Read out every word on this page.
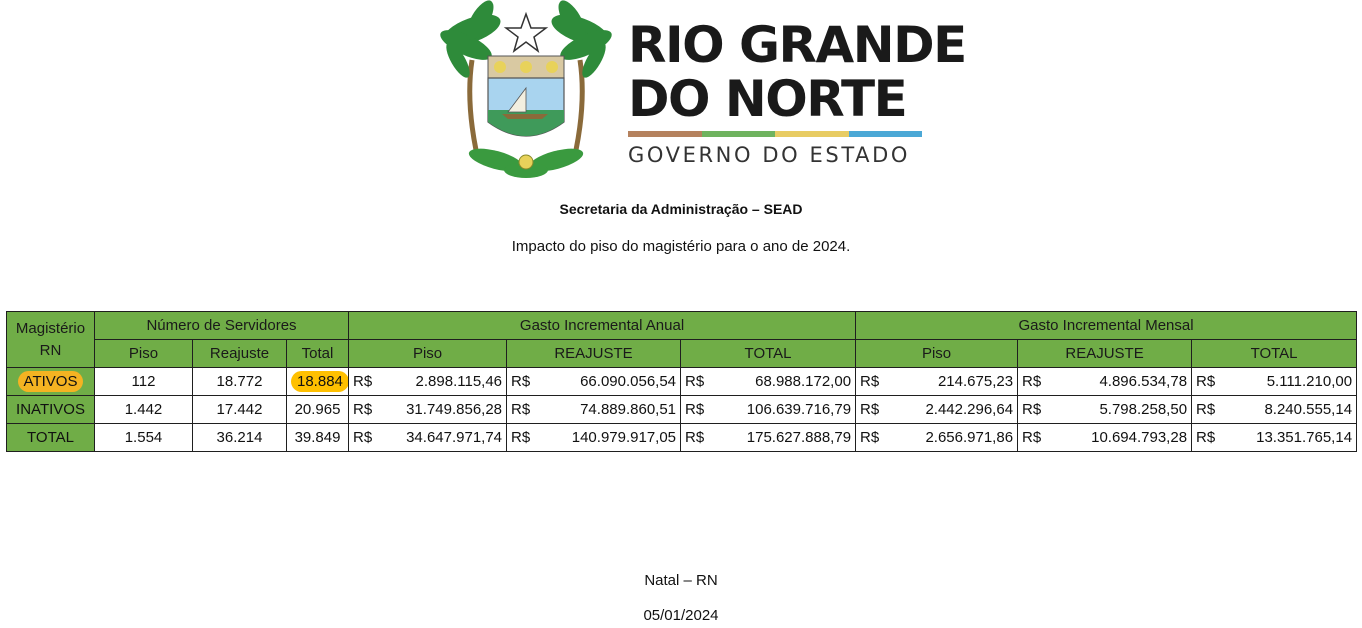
RIO GRANDE
DO NORTE
GOVERNO DO ESTADO
Secretaria da Administração – SEAD
Impacto do piso do magistério para o ano de 2024.
Magistério RN	Número de Servidores			Gasto Incremental Anual			Gasto Incremental Mensal		
	Piso	Reajuste	Total	Piso	REAJUSTE	TOTAL	Piso	REAJUSTE	TOTAL
ATIVOS	112	18.772	18.884	R$ 2.898.115,46	R$ 66.090.056,54	R$ 68.988.172,00	R$ 214.675,23	R$ 4.896.534,78	R$ 5.111.210,00

INATIVOS	1.442	17.442	20.965	R$ 31.749.856,28	R$ 74.889.860,51	R$ 106.639.716,79	R$ 2.442.296,64	R$ 5.798.258,50	R$ 8.240.555,14

TOTAL	1.554	36.214	39.849	R$ 34.647.971,74	R$ 140.979.917,05	R$ 175.627.888,79	R$ 2.656.971,86	R$ 10.694.793,28	R$ 13.351.765,14
Natal – RN
05/01/2024
